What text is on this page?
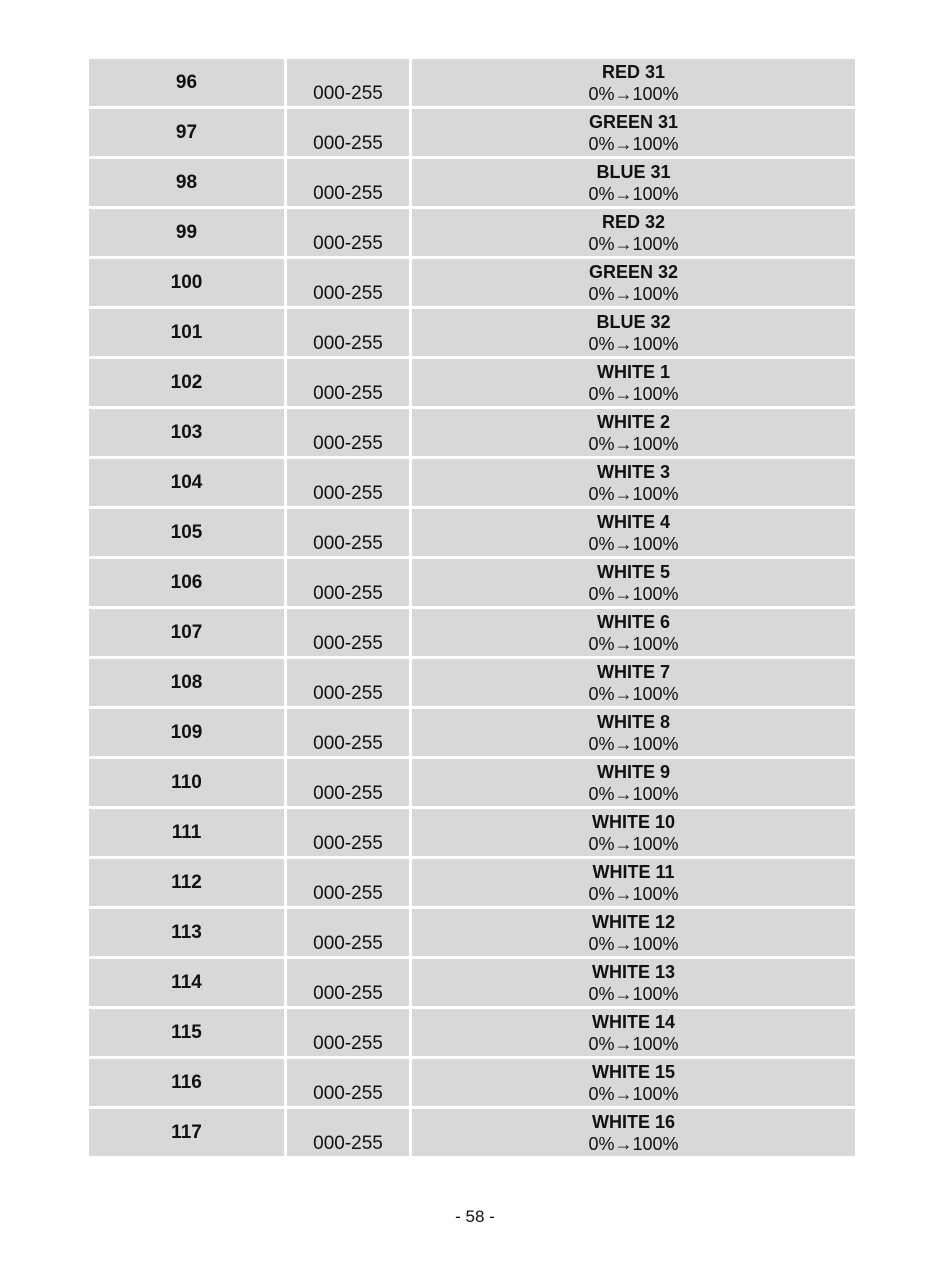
96	000-255	RED 31
0%→100%

97	000-255	GREEN 31
0%→100%

98	000-255	BLUE 31
0%→100%

99	000-255	RED 32
0%→100%

100	000-255	GREEN 32
0%→100%

101	000-255	BLUE 32
0%→100%

102	000-255	WHITE 1
0%→100%

103	000-255	WHITE 2
0%→100%

104	000-255	WHITE 3
0%→100%

105	000-255	WHITE 4
0%→100%

106	000-255	WHITE 5
0%→100%

107	000-255	WHITE 6
0%→100%

108	000-255	WHITE 7
0%→100%

109	000-255	WHITE 8
0%→100%

110	000-255	WHITE 9
0%→100%

111	000-255	WHITE 10
0%→100%

112	000-255	WHITE 11
0%→100%

113	000-255	WHITE 12
0%→100%

114	000-255	WHITE 13
0%→100%

115	000-255	WHITE 14
0%→100%

116	000-255	WHITE 15
0%→100%

117	000-255	WHITE 16
0%→100%
- 58 -
